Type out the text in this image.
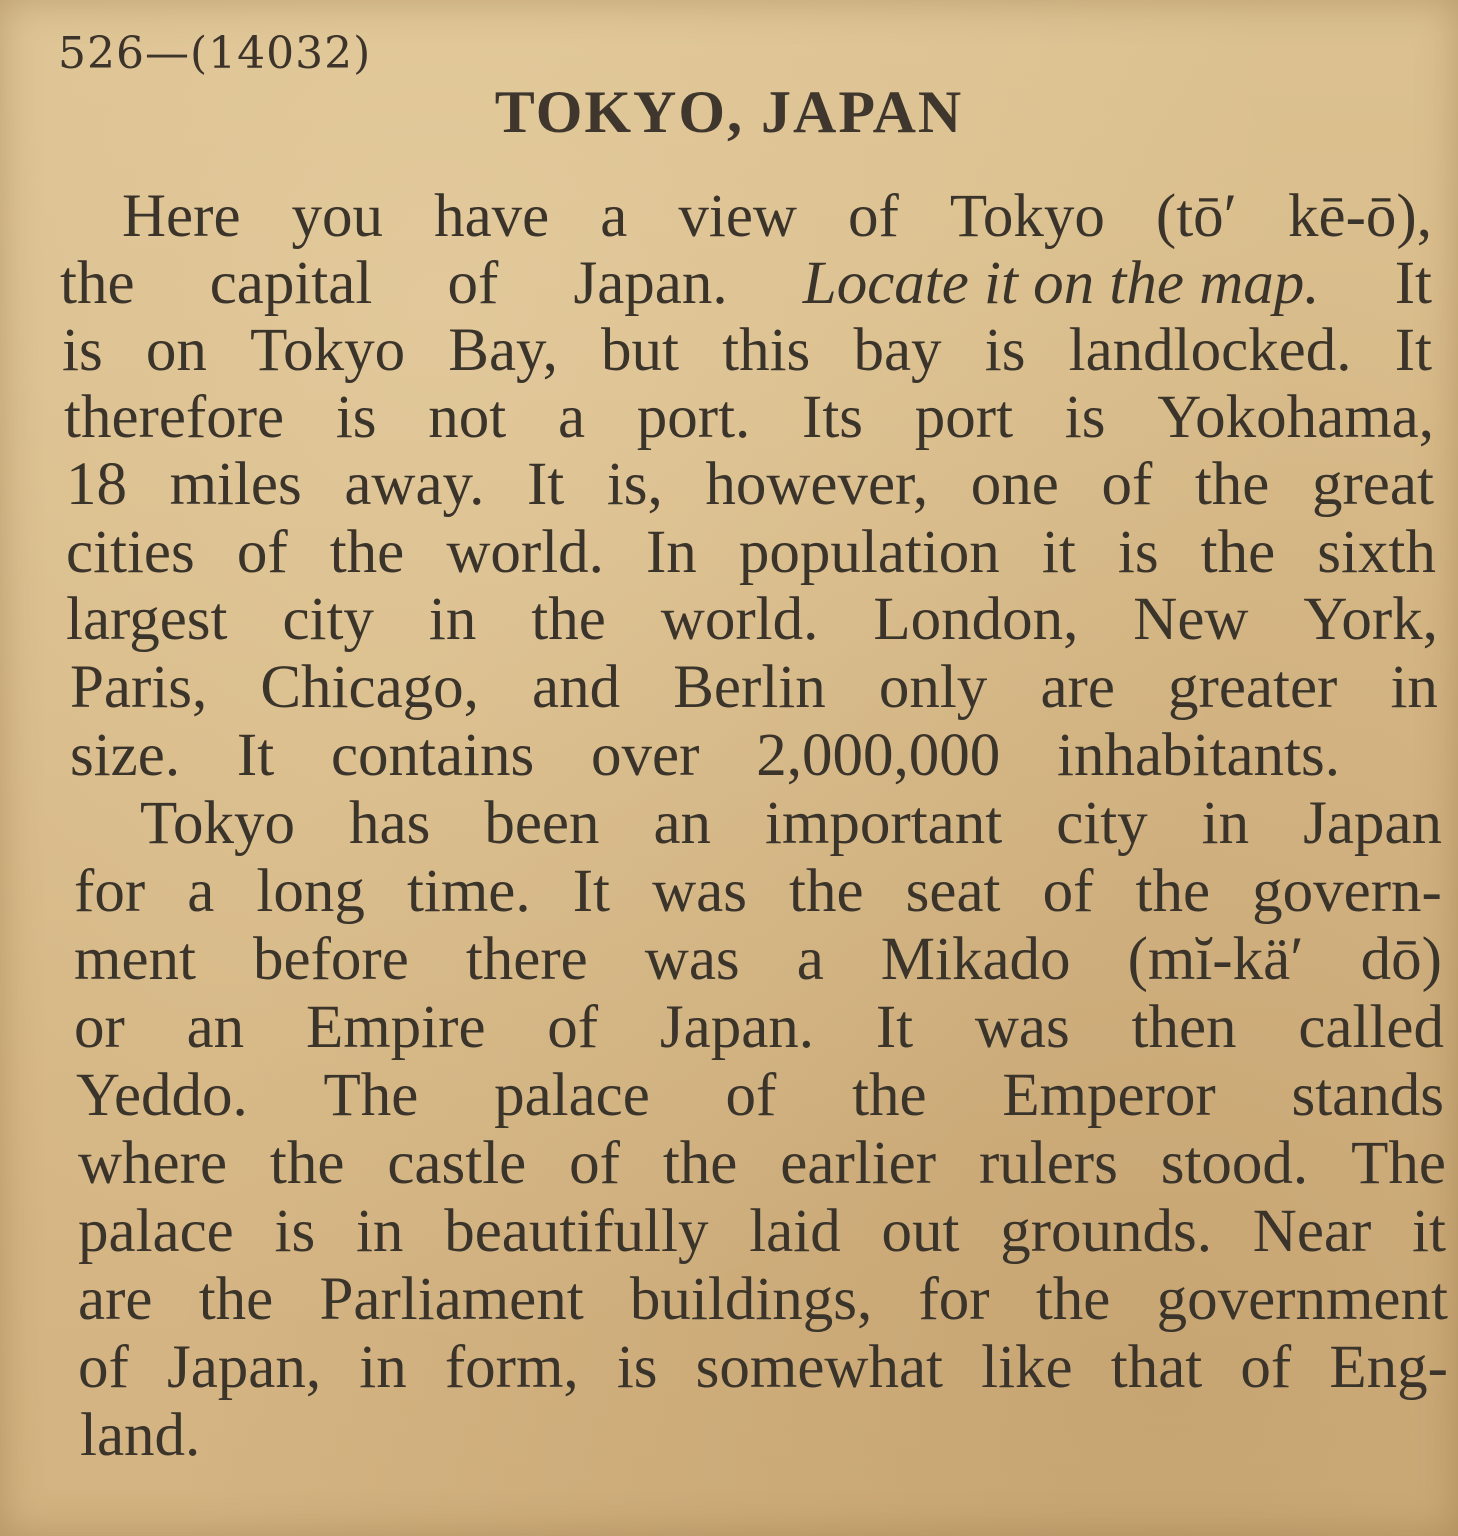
526—(14032)
TOKYO, JAPAN
Here you have a view of Tokyo (tō′ kē-ō),
the capital of Japan. Locate it on the map. It
is on Tokyo Bay, but this bay is landlocked. It
therefore is not a port. Its port is Yokohama,
18 miles away. It is, however, one of the great
cities of the world. In population it is the sixth
largest city in the world. London, New York,
Paris, Chicago, and Berlin only are greater in
size. It contains over 2,000,000 inhabitants.
Tokyo has been an important city in Japan
for a long time. It was the seat of the govern-
ment before there was a Mikado (mĭ-kä′ dō)
or an Empire of Japan. It was then called
Yeddo. The palace of the Emperor stands
where the castle of the earlier rulers stood. The
palace is in beautifully laid out grounds. Near it
are the Parliament buildings, for the government
of Japan, in form, is somewhat like that of Eng-
land.
